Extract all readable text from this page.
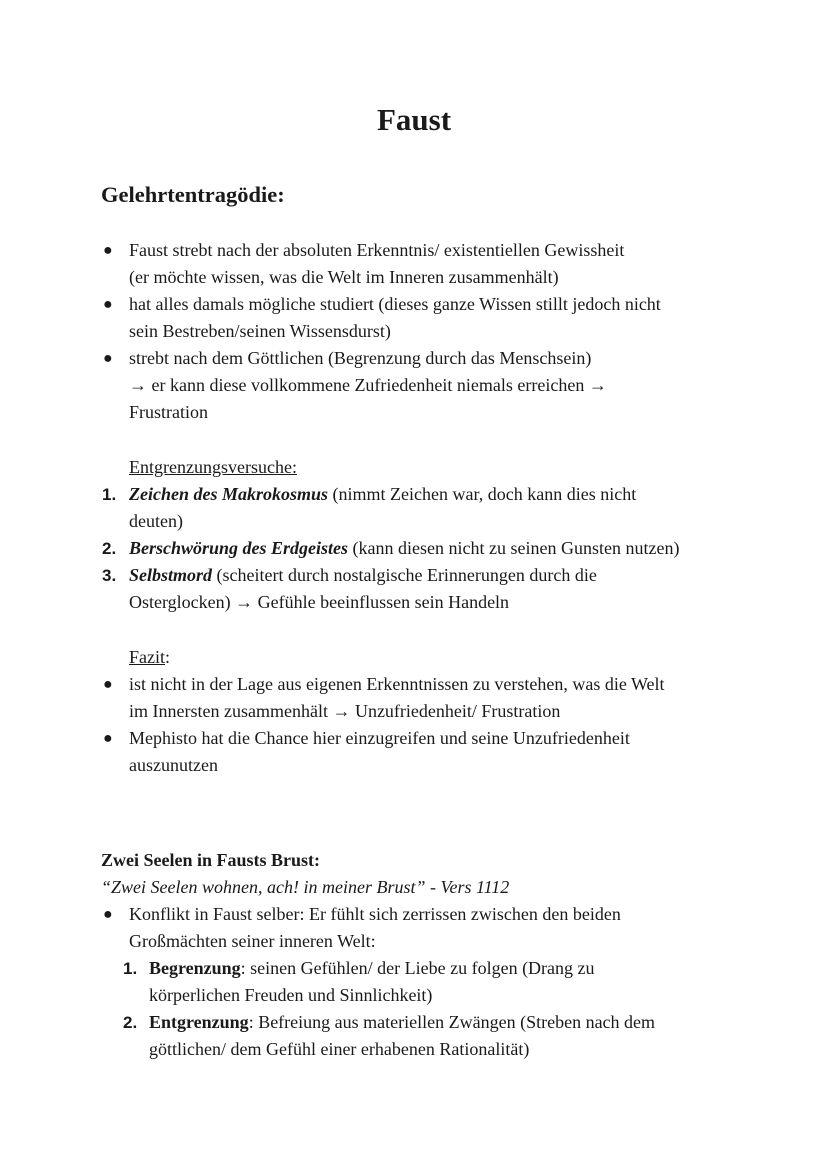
Faust
Gelehrtentragödie:
● Faust strebt nach der absoluten Erkenntnis/ existentiellen Gewissheit
(er möchte wissen, was die Welt im Inneren zusammenhält)
● hat alles damals mögliche studiert (dieses ganze Wissen stillt jedoch nicht
sein Bestreben/seinen Wissensdurst)
● strebt nach dem Göttlichen (Begrenzung durch das Menschsein)
→ er kann diese vollkommene Zufriedenheit niemals erreichen →
Frustration
Entgrenzungsversuche:
1. Zeichen des Makrokosmus (nimmt Zeichen war, doch kann dies nicht
deuten)
2. Berschwörung des Erdgeistes (kann diesen nicht zu seinen Gunsten nutzen)
3. Selbstmord (scheitert durch nostalgische Erinnerungen durch die
Osterglocken) → Gefühle beeinflussen sein Handeln
Fazit:
● ist nicht in der Lage aus eigenen Erkenntnissen zu verstehen, was die Welt
im Innersten zusammenhält → Unzufriedenheit/ Frustration
● Mephisto hat die Chance hier einzugreifen und seine Unzufriedenheit
auszunutzen
Zwei Seelen in Fausts Brust:
“Zwei Seelen wohnen, ach! in meiner Brust” - Vers 1112
● Konflikt in Faust selber: Er fühlt sich zerrissen zwischen den beiden
Großmächten seiner inneren Welt:
1. Begrenzung: seinen Gefühlen/ der Liebe zu folgen (Drang zu
körperlichen Freuden und Sinnlichkeit)
2. Entgrenzung: Befreiung aus materiellen Zwängen (Streben nach dem
göttlichen/ dem Gefühl einer erhabenen Rationalität)
